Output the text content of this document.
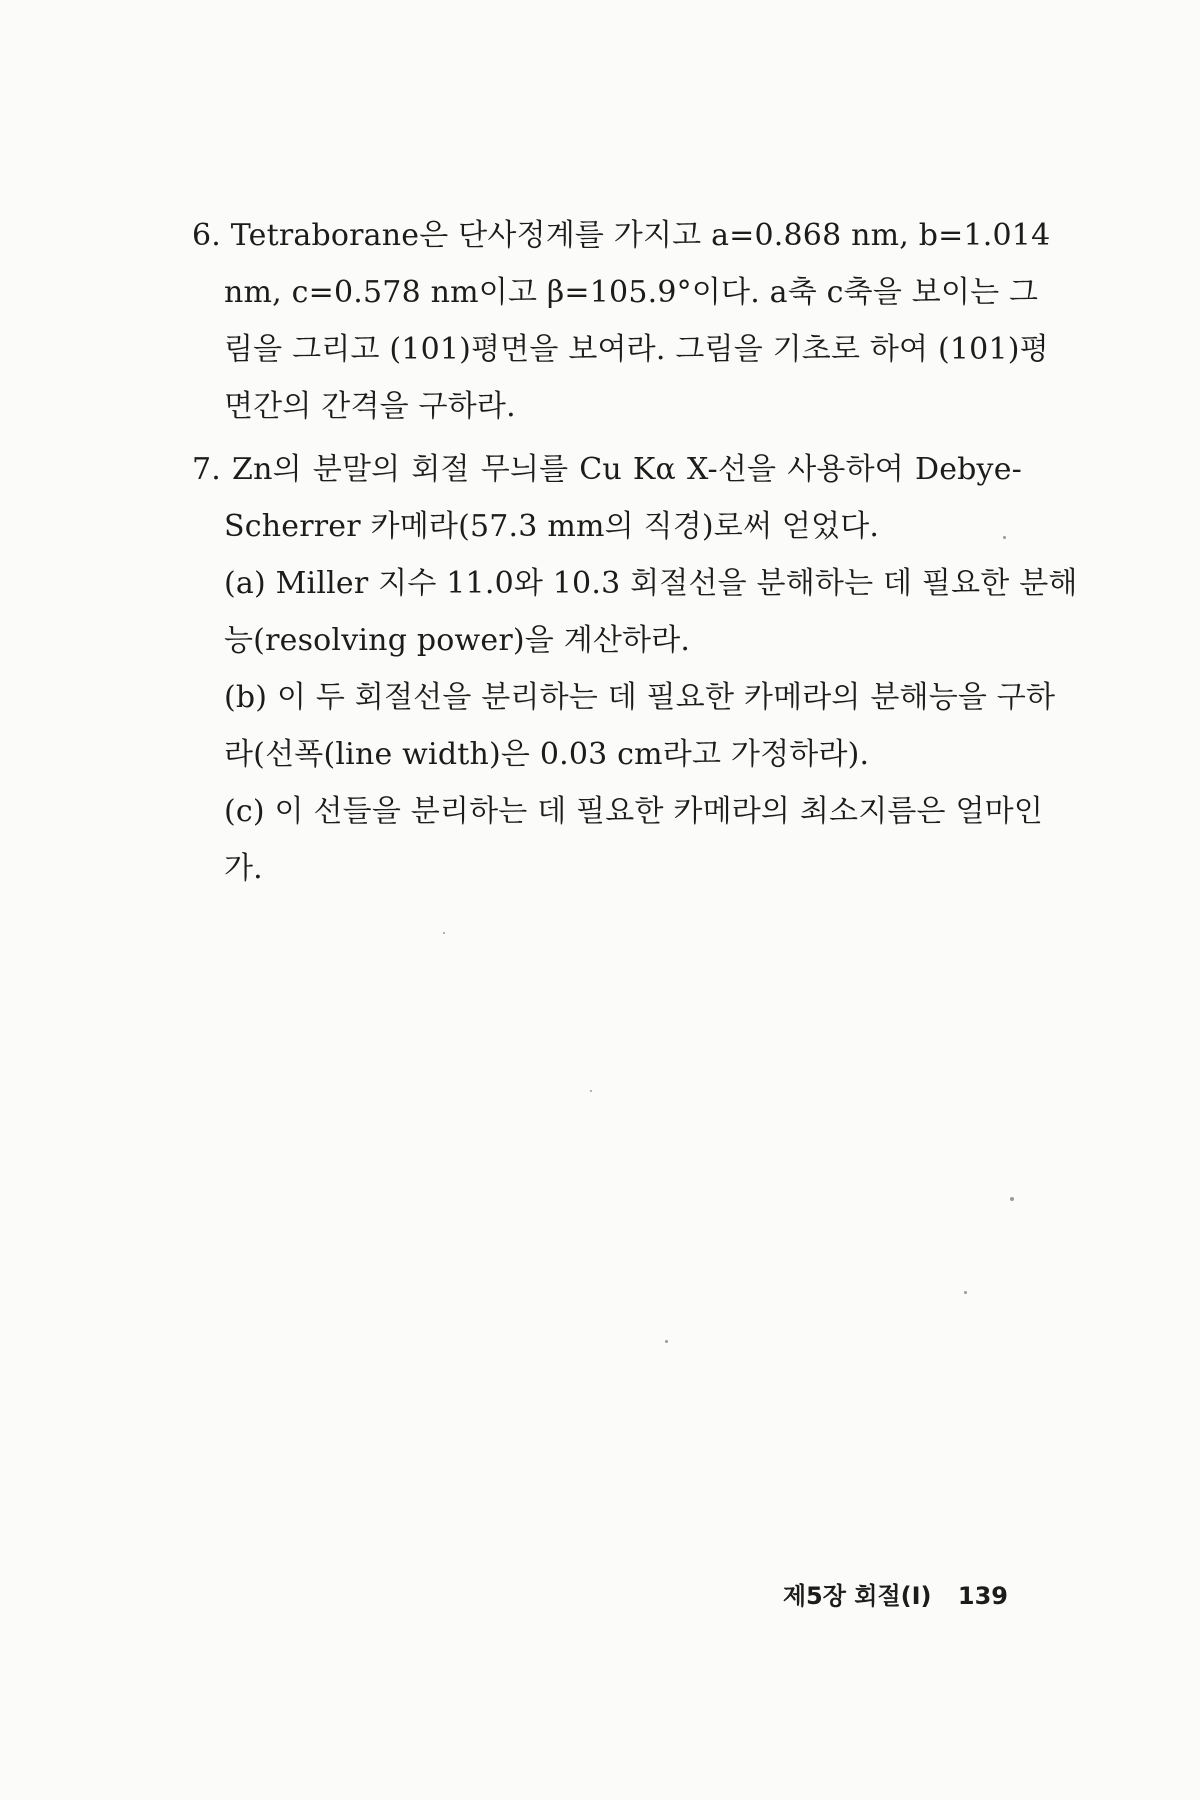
6. Tetraborane은 단사정계를 가지고 a=0.868 nm, b=1.014
nm, c=0.578 nm이고 β=105.9°이다. a축 c축을 보이는 그
림을 그리고 (101)평면을 보여라. 그림을 기초로 하여 (101)평
면간의 간격을 구하라.
7. Zn의 분말의 회절 무늬를 Cu Kα X-선을 사용하여 Debye-
Scherrer 카메라(57.3 mm의 직경)로써 얻었다.
(a) Miller 지수 11.0와 10.3 회절선을 분해하는 데 필요한 분해
능(resolving power)을 계산하라.
(b) 이 두 회절선을 분리하는 데 필요한 카메라의 분해능을 구하
라(선폭(line width)은 0.03 cm라고 가정하라).
(c) 이 선들을 분리하는 데 필요한 카메라의 최소지름은 얼마인
가.
제5장 회절(I) 139
